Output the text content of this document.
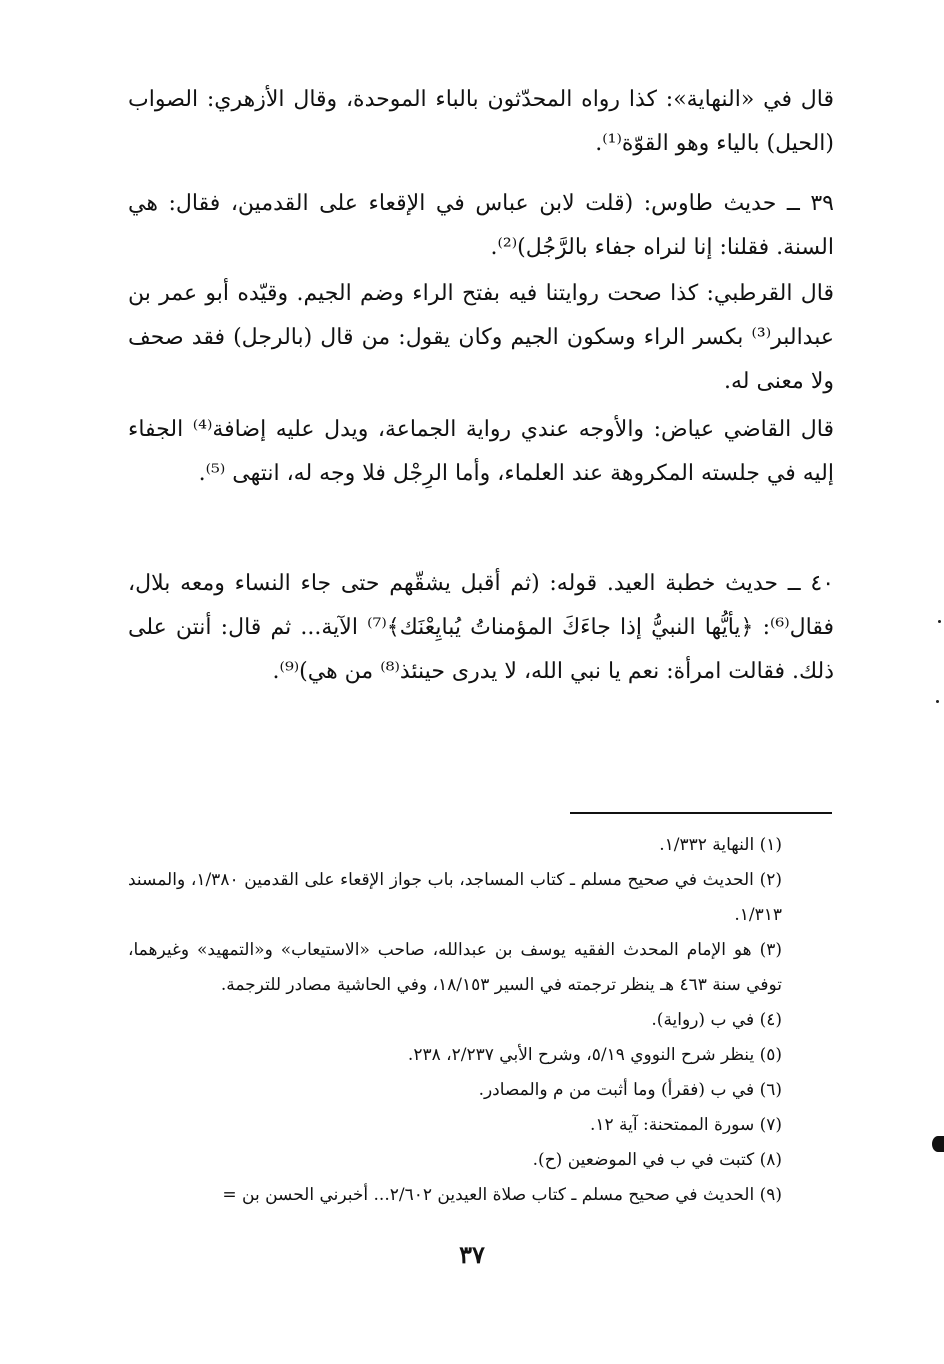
قال في «النهاية»: كذا رواه المحدّثون بالباء الموحدة، وقال الأزهري: الصواب (الحيل) بالياء وهو القوّة⁽¹⁾.

٣٩ ــ حديث طاوس: (قلت لابن عباس في الإقعاء على القدمين، فقال: هي السنة. فقلنا: إنا لنراه جفاء بالرَّجُل)⁽²⁾.

قال القرطبي: كذا صحت روايتنا فيه بفتح الراء وضم الجيم. وقيّده أبو عمر بن عبدالبر⁽³⁾ بكسر الراء وسكون الجيم وكان يقول: من قال (بالرجل) فقد صحف ولا معنى له.

قال القاضي عياض: والأوجه عندي رواية الجماعة، ويدل عليه إضافة⁽⁴⁾ الجفاء إليه في جلسته المكروهة عند العلماء، وأما الرِجْل فلا وجه له، انتهى ⁽⁵⁾.

٤٠ ــ حديث خطبة العيد. قوله: (ثم أقبل يشقّهم حتى جاء النساء ومعه بلال، فقال⁽⁶⁾: ﴿يأيُّها النبيُّ إذا جاءَكَ المؤمناتُ يُبايِعْنَك﴾⁽⁷⁾ الآية... ثم قال: أنتن على ذلك. فقالت امرأة: نعم يا نبي الله، لا يدرى حينئذ⁽⁸⁾ من هي)⁽⁹⁾.

(١) النهاية ١/٣٣٢.

(٢) الحديث في صحيح مسلم ـ كتاب المساجد، باب جواز الإقعاء على القدمين ١/٣٨٠، والمسند ١/٣١٣.

(٣) هو الإمام المحدث الفقيه يوسف بن عبدالله، صاحب «الاستيعاب» و«التمهيد» وغيرهما، توفي سنة ٤٦٣ هـ ينظر ترجمته في السير ١٨/١٥٣، وفي الحاشية مصادر للترجمة.

(٤) في ب (رواية).

(٥) ينظر شرح النووي ٥/١٩، وشرح الأبي ٢/٢٣٧، ٢٣٨.

(٦) في ب (فقرأ) وما أثبت من م والمصادر.

(٧) سورة الممتحنة: آية ١٢.

(٨) كتبت في ب في الموضعين (ح).

(٩) الحديث في صحيح مسلم ـ كتاب صلاة العيدين ٢/٦٠٢... أخبرني الحسن بن =

٣٧
